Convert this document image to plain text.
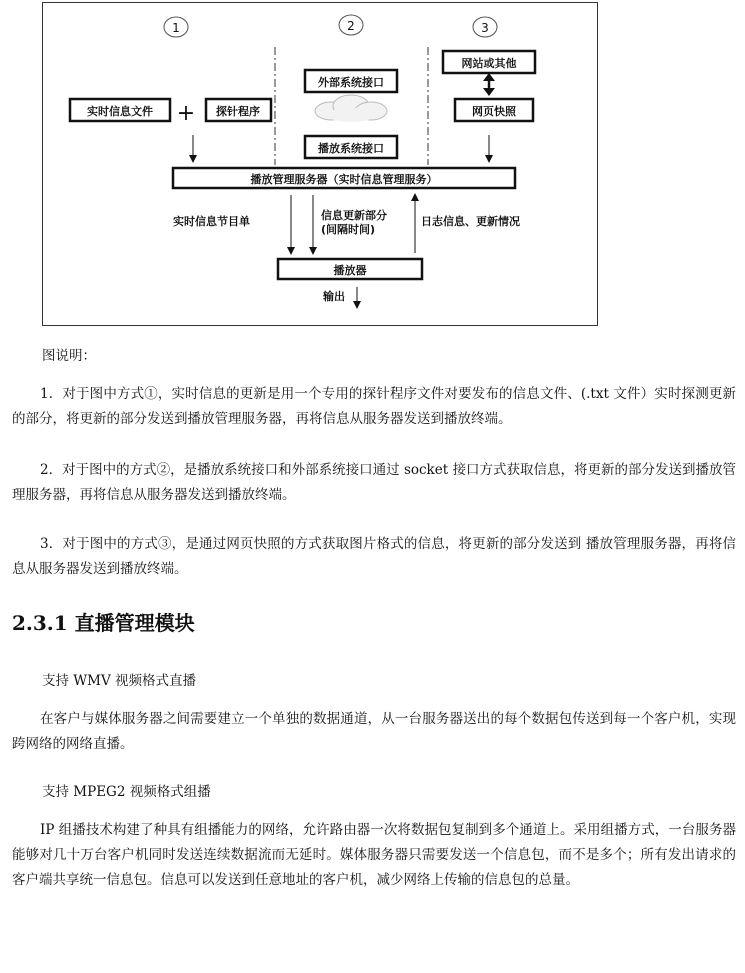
1	2	3
实时信息文件 + 探针程序
外部系统接口
播放系统接口
网站或其他
网页快照
播放管理服务器（实时信息管理服务）
实时信息节目单	信息更新部分
(间隔时间)
日志信息、更新情况
播放器
输出

图说明：

1．对于图中方式①，实时信息的更新是用一个专用的探针程序文件对要发布的信息文件、(.txt 文件）实时探测更新的部分，将更新的部分发送到播放管理服务器，再将信息从服务器发送到播放终端。

2．对于图中的方式②，是播放系统接口和外部系统接口通过 socket 接口方式获取信息，将更新的部分发送到播放管理服务器，再将信息从服务器发送到播放终端。

3．对于图中的方式③，是通过网页快照的方式获取图片格式的信息，将更新的部分发送到 播放管理服务器，再将信息从服务器发送到播放终端。

2.3.1 直播管理模块

支持 WMV 视频格式直播

在客户与媒体服务器之间需要建立一个单独的数据通道，从一台服务器送出的每个数据包传送到每一个客户机，实现跨网络的网络直播。

支持 MPEG2 视频格式组播

IP 组播技术构建了种具有组播能力的网络，允许路由器一次将数据包复制到多个通道上。采用组播方式，一台服务器能够对几十万台客户机同时发送连续数据流而无延时。媒体服务器只需要发送一个信息包，而不是多个；所有发出请求的客户端共享统一信息包。信息可以发送到任意地址的客户机，减少网络上传输的信息包的总量。
